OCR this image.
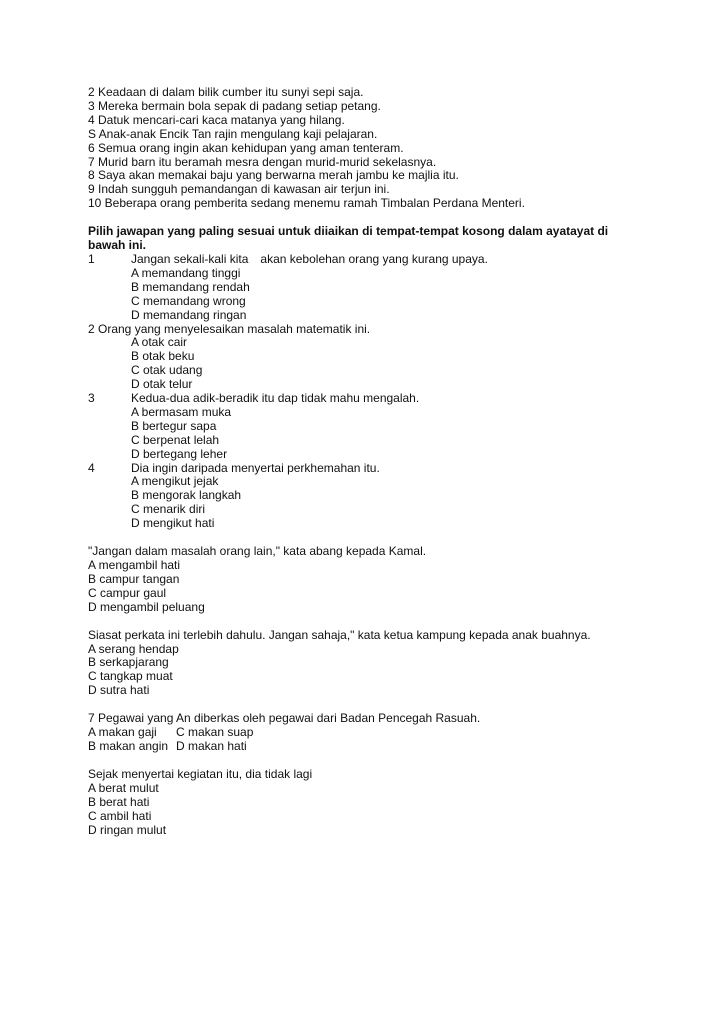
2 Keadaan di dalam bilik cumber itu sunyi sepi saja.
3 Mereka bermain bola sepak di padang setiap petang.
4 Datuk mencari-cari kaca matanya yang hilang.
S Anak-anak Encik Tan rajin mengulang kaji pelajaran.
6 Semua orang ingin akan kehidupan yang aman tenteram.
7 Murid barn itu beramah mesra dengan murid-murid sekelasnya.
8 Saya akan memakai baju yang berwarna merah jambu ke majlia itu.
9 Indah sungguh pemandangan di kawasan air terjun ini.
10 Beberapa orang pemberita sedang menemu ramah Timbalan Perdana Menteri.
Pilih jawapan yang paling sesuai untuk diiaikan di tempat-tempat kosong dalam ayatayat di bawah ini.
1	Jangan sekali-kali kita akan kebolehan orang yang kurang upaya.
A memandang tinggi
B memandang rendah
C memandang wrong
D memandang ringan
2 Orang yang menyelesaikan masalah matematik ini.
A otak cair
B otak beku
C otak udang
D otak telur
3	Kedua-dua adik-beradik itu dap tidak mahu mengalah.
A bermasam muka
B bertegur sapa
C berpenat lelah
D bertegang leher
4	Dia ingin daripada menyertai perkhemahan itu.
A mengikut jejak
B mengorak langkah
C menarik diri
D mengikut hati
"Jangan dalam masalah orang lain," kata abang kepada Kamal.
A mengambil hati
B campur tangan
C campur gaul
D mengambil peluang
Siasat perkata ini terlebih dahulu. Jangan sahaja," kata ketua kampung kepada anak buahnya.
A serang hendap
B serkapjarang
C tangkap muat
D sutra hati
7 Pegawai yang An diberkas oleh pegawai dari Badan Pencegah Rasuah.
A makan gaji C makan suap
B makan angin D makan hati
Sejak menyertai kegiatan itu, dia tidak lagi
A berat mulut
B berat hati
C ambil hati
D ringan mulut
